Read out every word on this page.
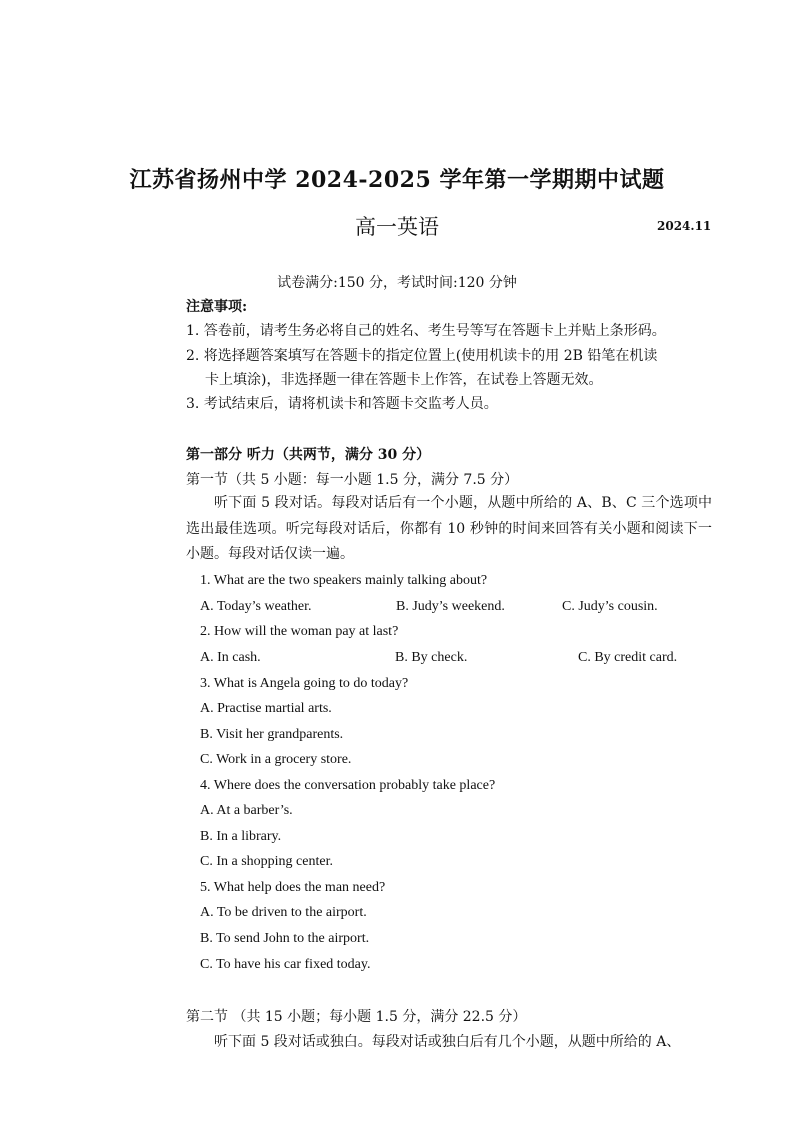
江苏省扬州中学 2024-2025 学年第一学期期中试题
高一英语	2024.11
试卷满分:150 分，考试时间:120 分钟
注意事项:
1. 答卷前，请考生务必将自己的姓名、考生号等写在答题卡上并贴上条形码。
2. 将选择题答案填写在答题卡的指定位置上(使用机读卡的用 2B 铅笔在机读
卡上填涂)，非选择题一律在答题卡上作答，在试卷上答题无效。
3. 考试结束后，请将机读卡和答题卡交监考人员。
第一部分 听力（共两节，满分 30 分）
第一节（共 5 小题：每一小题 1.5 分，满分 7.5 分）
听下面 5 段对话。每段对话后有一个小题，从题中所给的 A、B、C 三个选项中选出最佳选项。听完每段对话后，你都有 10 秒钟的时间来回答有关小题和阅读下一小题。每段对话仅读一遍。
1. What are the two speakers mainly talking about?
A. Today’s weather.	B. Judy’s weekend.	C. Judy’s cousin.
2. How will the woman pay at last?
A. In cash.	B. By check.	C. By credit card.
3. What is Angela going to do today?
A. Practise martial arts.
B. Visit her grandparents.
C. Work in a grocery store.
4. Where does the conversation probably take place?
A. At a barber’s.
B. In a library.
C. In a shopping center.
5. What help does the man need?
A. To be driven to the airport.
B. To send John to the airport.
C. To have his car fixed today.
第二节 （共 15 小题；每小题 1.5 分，满分 22.5 分）
听下面 5 段对话或独白。每段对话或独白后有几个小题，从题中所给的 A、
